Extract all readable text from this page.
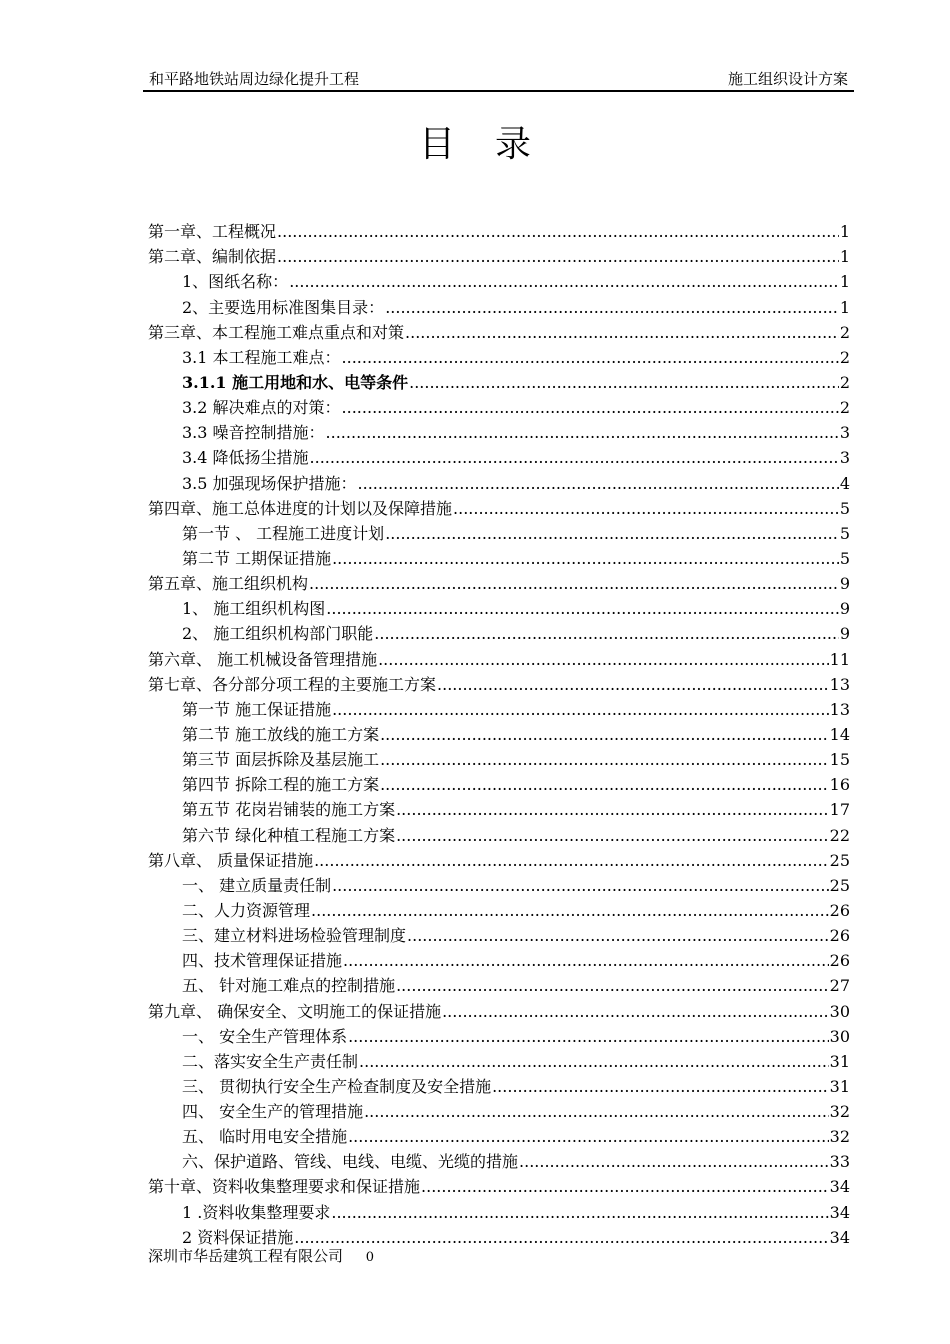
和平路地铁站周边绿化提升工程	施工组织设计方案
目录
第一章、工程概况 .....	1
第二章、编制依据 .....	1
1、图纸名称： .....	1
2、主要选用标准图集目录： .....	1
第三章、本工程施工难点重点和对策 .....	2
3.1 本工程施工难点： .....	2
3.1.1 施工用地和水、电等条件 .....	2
3.2 解决难点的对策： .....	2
3.3 噪音控制措施： .....	3
3.4 降低扬尘措施 .....	3
3.5 加强现场保护措施： .....	4
第四章、施工总体进度的计划以及保障措施 .....	5
第一节 、 工程施工进度计划 .....	5
第二节 工期保证措施 .....	5
第五章、施工组织机构 .....	9
1、 施工组织机构图 .....	9
2、 施工组织机构部门职能 .....	9
第六章、 施工机械设备管理措施 .....	11
第七章、各分部分项工程的主要施工方案 .....	13
第一节 施工保证措施 .....	13
第二节 施工放线的施工方案 .....	14
第三节 面层拆除及基层施工 .....	15
第四节 拆除工程的施工方案 .....	16
第五节 花岗岩铺装的施工方案 .....	17
第六节 绿化种植工程施工方案 .....	22
第八章、 质量保证措施 .....	25
一、 建立质量责任制 .....	25
二、人力资源管理 .....	26
三、建立材料进场检验管理制度 .....	26
四、技术管理保证措施 .....	26
五、 针对施工难点的控制措施 .....	27
第九章、 确保安全、文明施工的保证措施 .....	30
一、 安全生产管理体系 .....	30
二、落实安全生产责任制 .....	31
三、 贯彻执行安全生产检查制度及安全措施 .....	31
四、 安全生产的管理措施 .....	32
五、 临时用电安全措施 .....	32
六、保护道路、管线、电线、电缆、光缆的措施 .....	33
第十章、资料收集整理要求和保证措施 .....	34
1 .资料收集整理要求 .....	34
2 资料保证措施 .....	34
深圳市华岳建筑工程有限公司 0
